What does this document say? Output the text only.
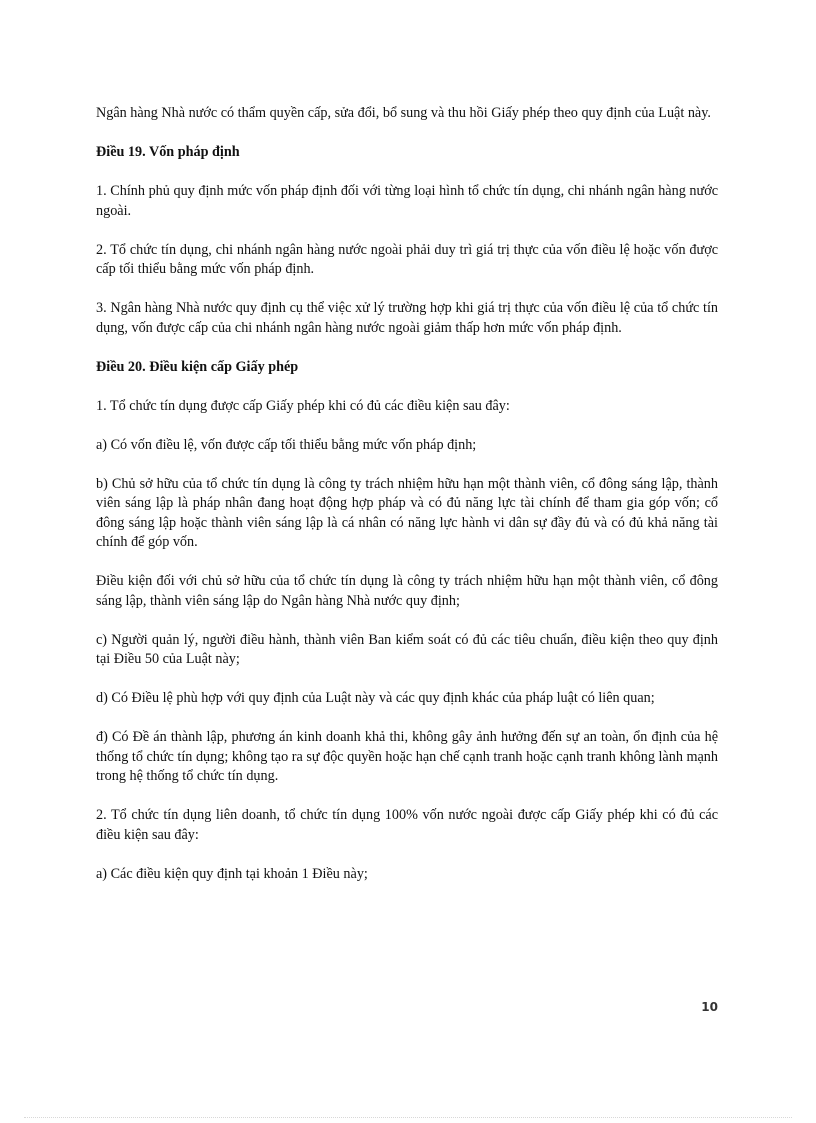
Ngân hàng Nhà nước có thẩm quyền cấp, sửa đổi, bổ sung và thu hồi Giấy phép theo quy định của Luật này.

Điều 19. Vốn pháp định

1. Chính phủ quy định mức vốn pháp định đối với từng loại hình tổ chức tín dụng, chi nhánh ngân hàng nước ngoài.

2. Tổ chức tín dụng, chi nhánh ngân hàng nước ngoài phải duy trì giá trị thực của vốn điều lệ hoặc vốn được cấp tối thiểu bằng mức vốn pháp định.

3. Ngân hàng Nhà nước quy định cụ thể việc xử lý trường hợp khi giá trị thực của vốn điều lệ của tổ chức tín dụng, vốn được cấp của chi nhánh ngân hàng nước ngoài giảm thấp hơn mức vốn pháp định.

Điều 20. Điều kiện cấp Giấy phép

1. Tổ chức tín dụng được cấp Giấy phép khi có đủ các điều kiện sau đây:

a) Có vốn điều lệ, vốn được cấp tối thiểu bằng mức vốn pháp định;

b) Chủ sở hữu của tổ chức tín dụng là công ty trách nhiệm hữu hạn một thành viên, cổ đông sáng lập, thành viên sáng lập là pháp nhân đang hoạt động hợp pháp và có đủ năng lực tài chính để tham gia góp vốn; cổ đông sáng lập hoặc thành viên sáng lập là cá nhân có năng lực hành vi dân sự đầy đủ và có đủ khả năng tài chính để góp vốn.

Điều kiện đối với chủ sở hữu của tổ chức tín dụng là công ty trách nhiệm hữu hạn một thành viên, cổ đông sáng lập, thành viên sáng lập do Ngân hàng Nhà nước quy định;

c) Người quản lý, người điều hành, thành viên Ban kiểm soát có đủ các tiêu chuẩn, điều kiện theo quy định tại Điều 50 của Luật này;

d) Có Điều lệ phù hợp với quy định của Luật này và các quy định khác của pháp luật có liên quan;

đ) Có Đề án thành lập, phương án kinh doanh khả thi, không gây ảnh hưởng đến sự an toàn, ổn định của hệ thống tổ chức tín dụng; không tạo ra sự độc quyền hoặc hạn chế cạnh tranh hoặc cạnh tranh không lành mạnh trong hệ thống tổ chức tín dụng.

2. Tổ chức tín dụng liên doanh, tổ chức tín dụng 100% vốn nước ngoài được cấp Giấy phép khi có đủ các điều kiện sau đây:

a) Các điều kiện quy định tại khoản 1 Điều này;

10
